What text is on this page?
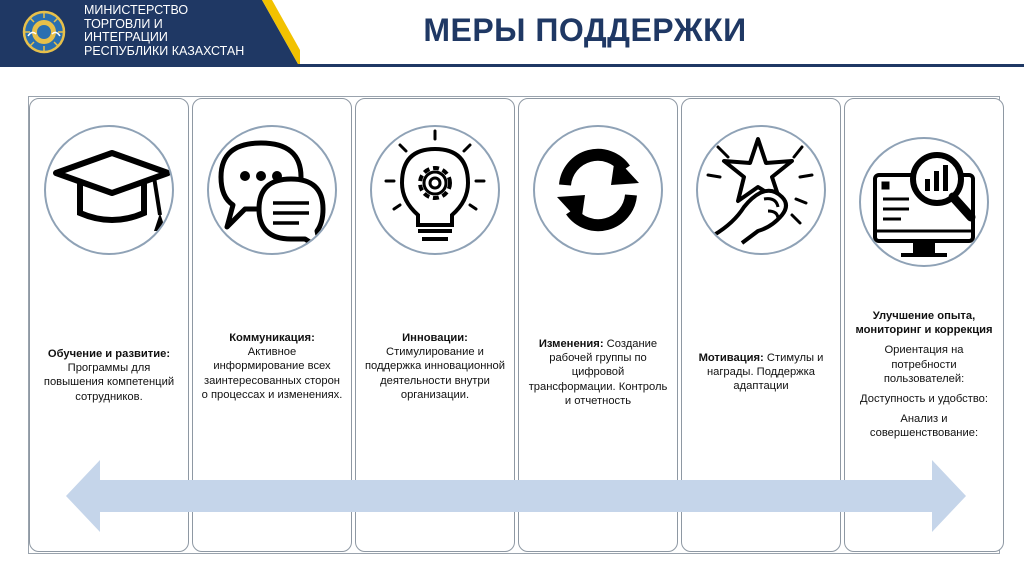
МИНИСТЕРСТВО
ТОРГОВЛИ И
ИНТЕГРАЦИИ
РЕСПУБЛИКИ КАЗАХСТАН
МЕРЫ ПОДДЕРЖКИ

Обучение и развитие:

Программы для повышения компетенций сотрудников.

Коммуникация:

Активное информирование всех заинтересованных сторон о процессах и изменениях.

Инновации:

Стимулирование и поддержка инновационной деятельности внутри организации.

Изменения: Создание рабочей группы по цифровой трансформации. Контроль и отчетность

Мотивация: Стимулы и награды. Поддержка адаптации

Улучшение опыта, мониторинг и коррекция

Ориентация на потребности пользователей:

Доступность и удобство:

Анализ и совершенствование:
